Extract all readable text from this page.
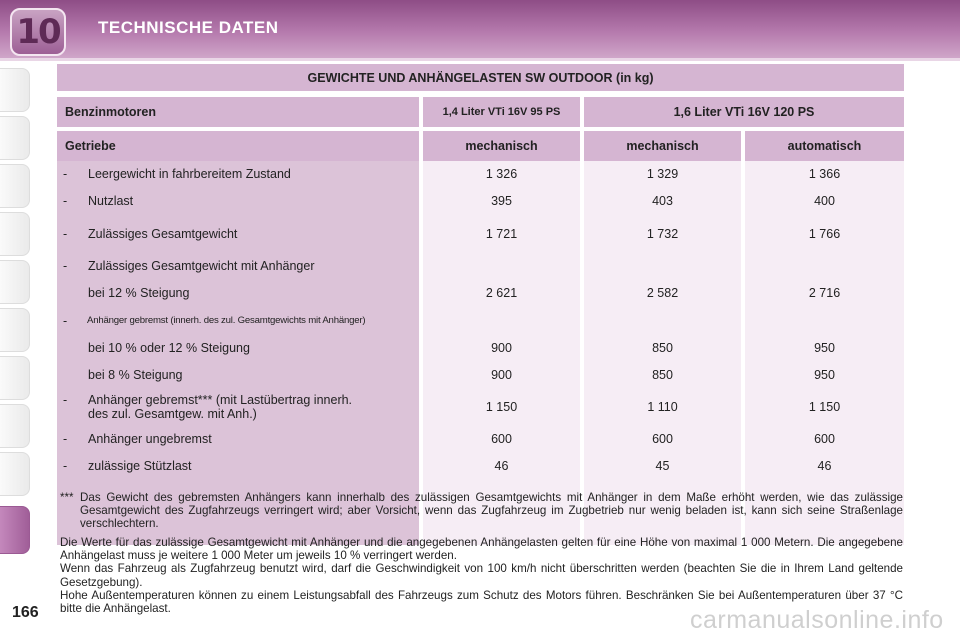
10	TECHNISCHE DATEN
GEWICHTE UND ANHÄNGELASTEN SW OUTDOOR (in kg)
Benzinmotoren	1,4 Liter VTi 16V 95 PS	1,6 Liter VTi 16V 120 PS
Getriebe	mechanisch	mechanisch	automatisch
- Leergewicht in fahrbereitem Zustand	1 326	1 329	1 366
- Nutzlast	395	403	400
- Zulässiges Gesamtgewicht	1 721	1 732	1 766
- Zulässiges Gesamtgewicht mit Anhänger
bei 12 % Steigung	2 621	2 582	2 716
- Anhänger gebremst (innerh. des zul. Gesamtgewichts mit Anhänger)
bei 10 % oder 12 % Steigung	900	850	950
bei 8 % Steigung	900	850	950
- Anhänger gebremst*** (mit Lastübertrag innerh.
des zul. Gesamtgew. mit Anh.)	1 150	1 110	1 150
- Anhänger ungebremst	600	600	600
- zulässige Stützlast	46	45	46
*** Das Gewicht des gebremsten Anhängers kann innerhalb des zulässigen Gesamtgewichts mit Anhänger in dem Maße erhöht werden, wie das zulässige Gesamtgewicht des Zugfahrzeugs verringert wird; aber Vorsicht, wenn das Zugfahrzeug im Zugbetrieb nur wenig beladen ist, kann sich seine Straßenlage verschlechtern.

Die Werte für das zulässige Gesamtgewicht mit Anhänger und die angegebenen Anhängelasten gelten für eine Höhe von maximal 1 000 Metern. Die angegebene Anhängelast muss je weitere 1 000 Meter um jeweils 10 % verringert werden.

Wenn das Fahrzeug als Zugfahrzeug benutzt wird, darf die Geschwindigkeit von 100 km/h nicht überschritten werden (beachten Sie die in Ihrem Land geltende Gesetzgebung).

Hohe Außentemperaturen können zu einem Leistungsabfall des Fahrzeugs zum Schutz des Motors führen. Beschränken Sie bei Außentemperaturen über 37 °C bitte die Anhängelast.

166	carmanualsonline.info
